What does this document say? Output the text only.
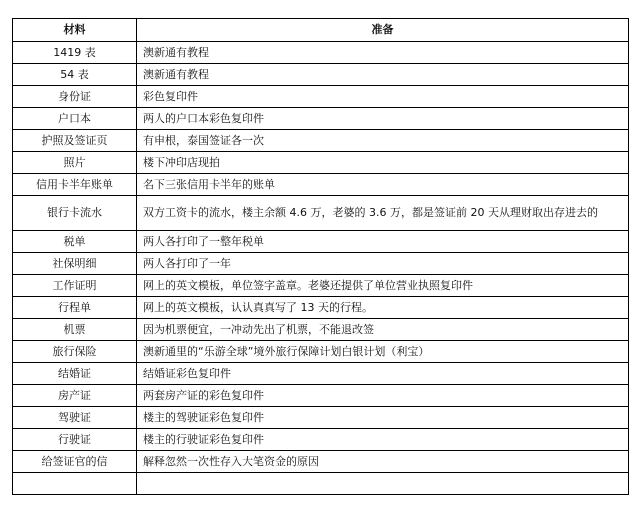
材料	准备
1419 表	澳新通有教程
54 表	澳新通有教程
身份证	彩色复印件
户口本	两人的户口本彩色复印件
护照及签证页	有申根，泰国签证各一次
照片	楼下冲印店现拍
信用卡半年账单	名下三张信用卡半年的账单
银行卡流水	双方工资卡的流水，楼主余额 4.6 万，老婆的 3.6 万，都是签证前 20 天从理财取出存进去的
税单	两人各打印了一整年税单
社保明细	两人各打印了一年
工作证明	网上的英文模板，单位签字盖章。老婆还提供了单位营业执照复印件
行程单	网上的英文模板，认认真真写了 13 天的行程。
机票	因为机票便宜，一冲动先出了机票，不能退改签
旅行保险	澳新通里的“乐游全球”境外旅行保障计划白银计划（利宝）
结婚证	结婚证彩色复印件
房产证	两套房产证的彩色复印件
驾驶证	楼主的驾驶证彩色复印件
行驶证	楼主的行驶证彩色复印件
给签证官的信	解释忽然一次性存入大笔资金的原因
